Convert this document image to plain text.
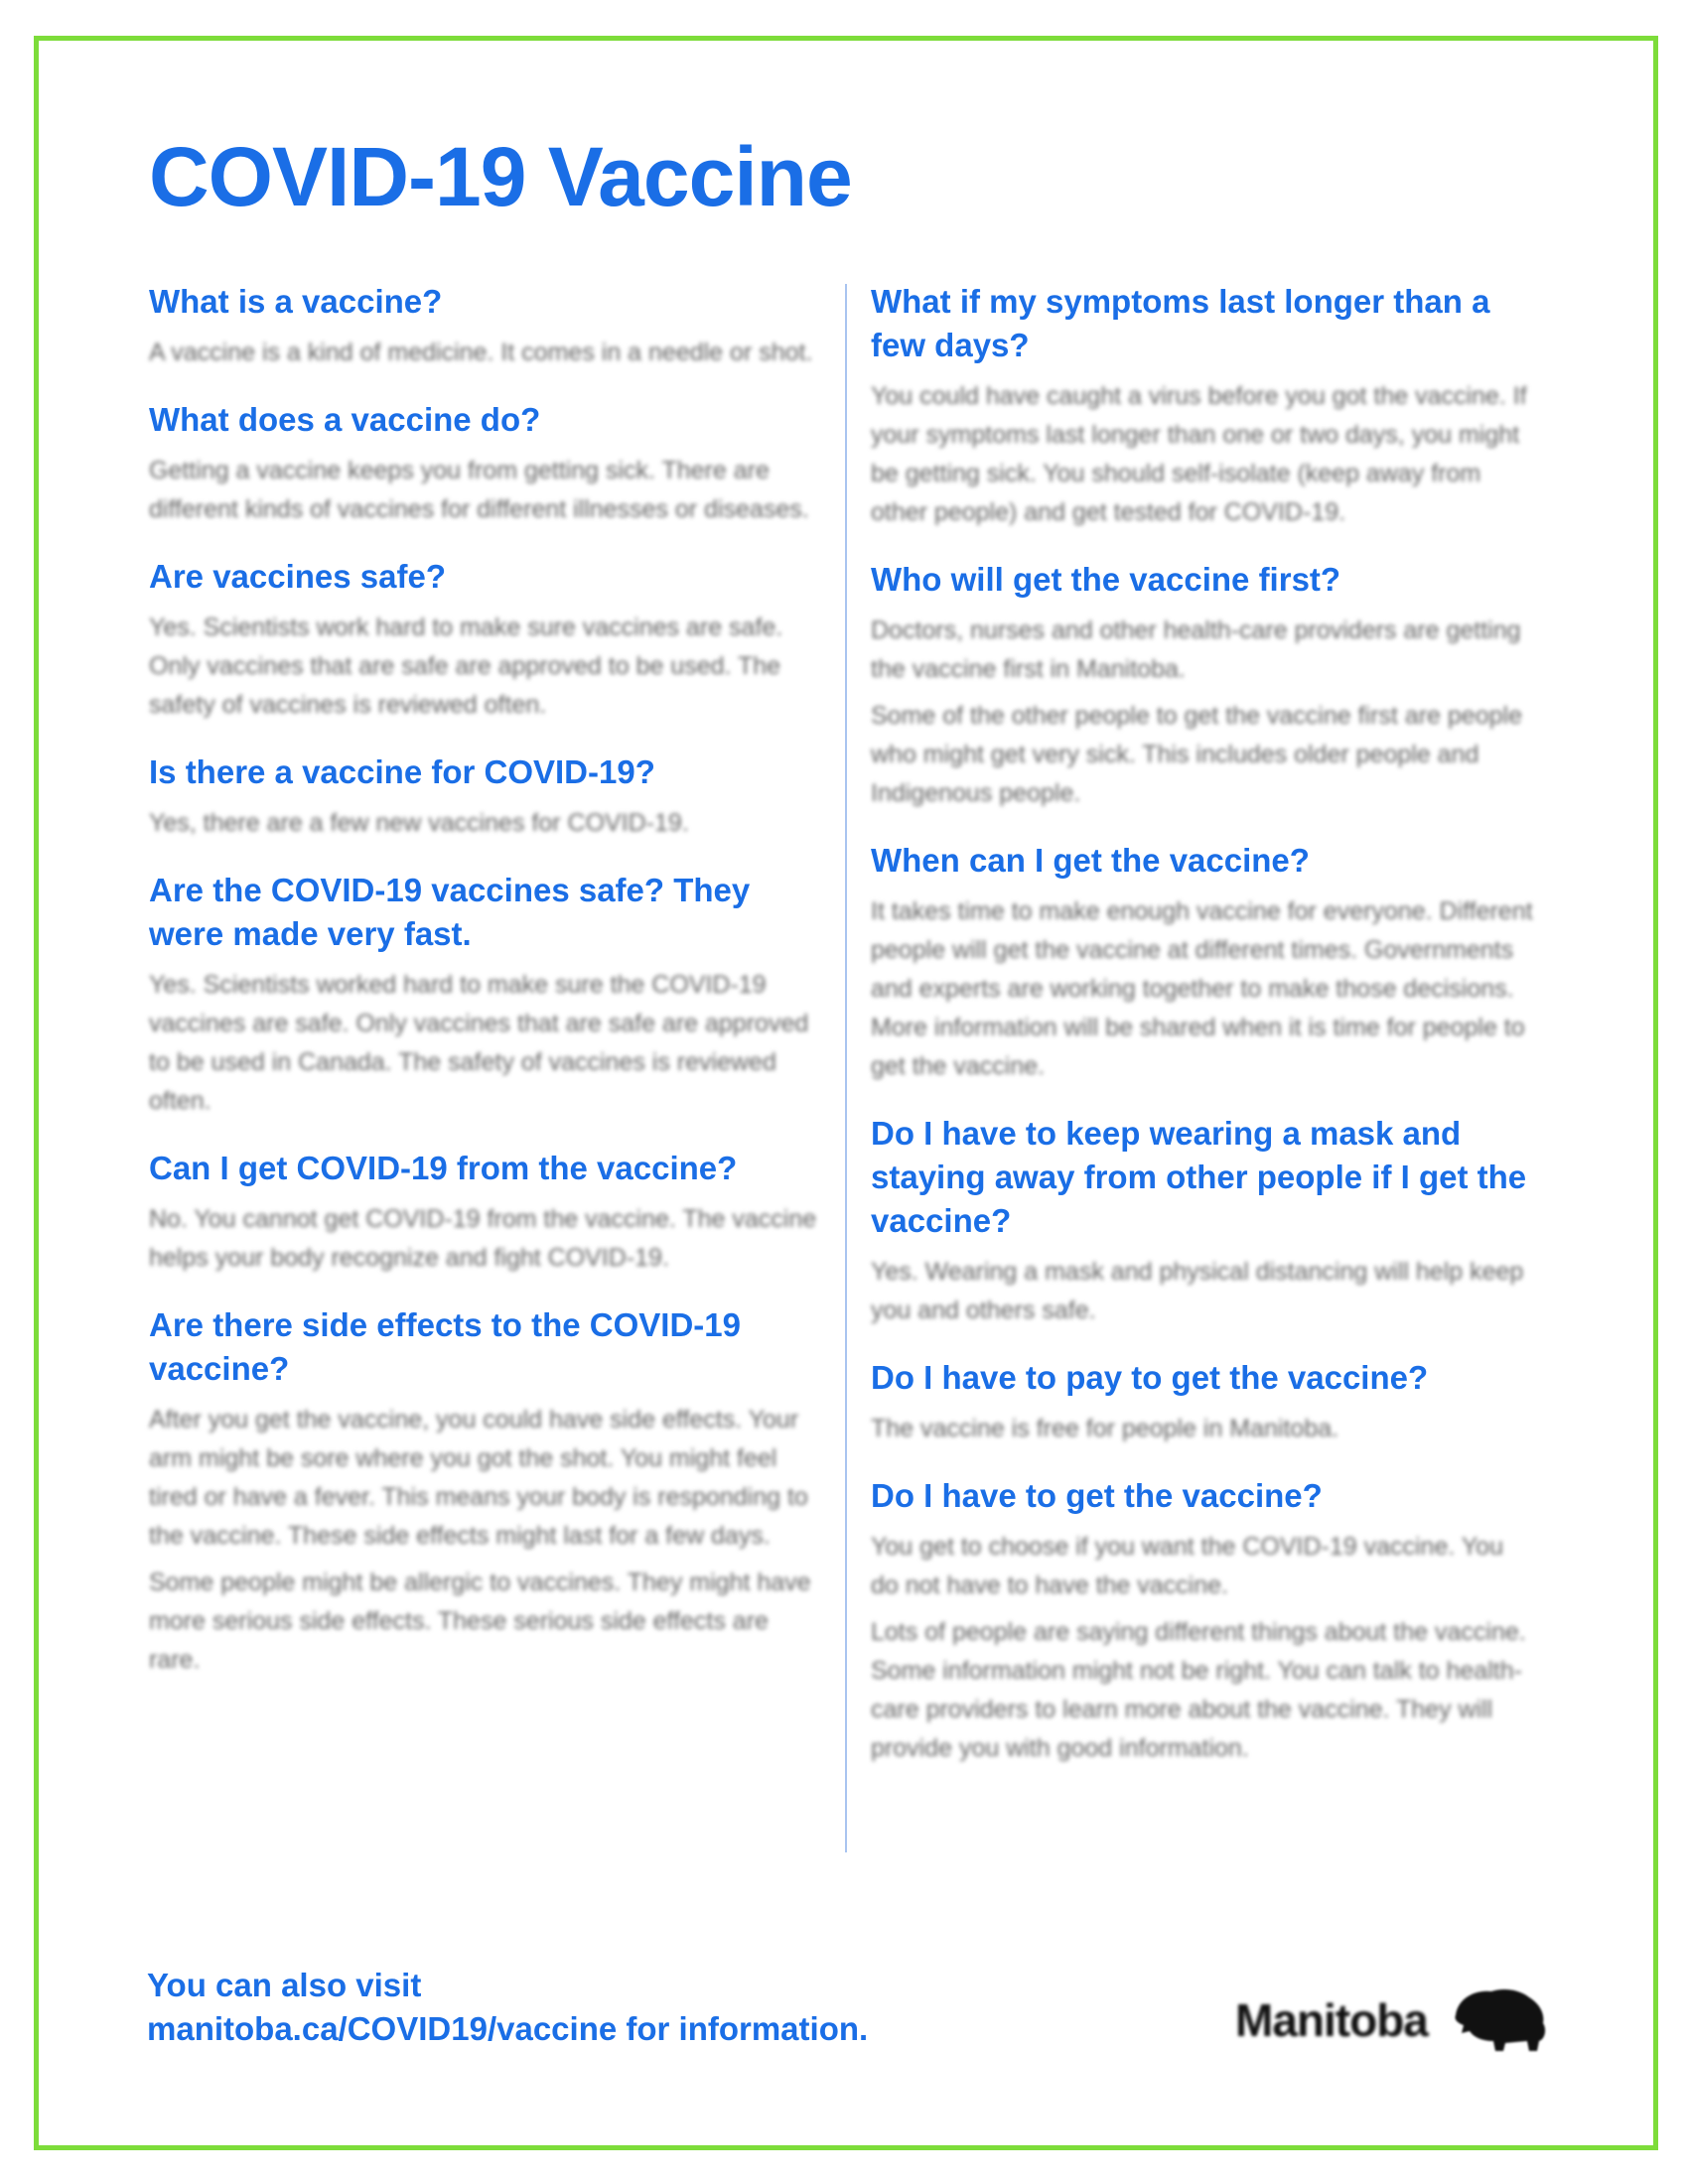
COVID-19 Vaccine
What is a vaccine?

A vaccine is a kind of medicine. It comes in a needle or shot.

What does a vaccine do?

Getting a vaccine keeps you from getting sick. There are different kinds of vaccines for different illnesses or diseases.

Are vaccines safe?

Yes. Scientists work hard to make sure vaccines are safe. Only vaccines that are safe are approved to be used. The safety of vaccines is reviewed often.

Is there a vaccine for COVID-19?

Yes, there are a few new vaccines for COVID-19.

Are the COVID-19 vaccines safe? They were made very fast.

Yes. Scientists worked hard to make sure the COVID-19 vaccines are safe. Only vaccines that are safe are approved to be used in Canada. The safety of vaccines is reviewed often.

Can I get COVID-19 from the vaccine?

No. You cannot get COVID-19 from the vaccine. The vaccine helps your body recognize and fight COVID-19.

Are there side effects to the COVID-19 vaccine?

After you get the vaccine, you could have side effects. Your arm might be sore where you got the shot. You might feel tired or have a fever. This means your body is responding to the vaccine. These side effects might last for a few days.

Some people might be allergic to vaccines. They might have more serious side effects. These serious side effects are rare.

What if my symptoms last longer than a few days?

You could have caught a virus before you got the vaccine. If your symptoms last longer than one or two days, you might be getting sick. You should self-isolate (keep away from other people) and get tested for COVID-19.

Who will get the vaccine first?

Doctors, nurses and other health-care providers are getting the vaccine first in Manitoba.

Some of the other people to get the vaccine first are people who might get very sick. This includes older people and Indigenous people.

When can I get the vaccine?

It takes time to make enough vaccine for everyone. Different people will get the vaccine at different times. Governments and experts are working together to make those decisions. More information will be shared when it is time for people to get the vaccine.

Do I have to keep wearing a mask and staying away from other people if I get the vaccine?

Yes. Wearing a mask and physical distancing will help keep you and others safe.

Do I have to pay to get the vaccine?

The vaccine is free for people in Manitoba.

Do I have to get the vaccine?

You get to choose if you want the COVID-19 vaccine. You do not have to have the vaccine.

Lots of people are saying different things about the vaccine. Some information might not be right. You can talk to health-care providers to learn more about the vaccine. They will provide you with good information.

You can also visit
manitoba.ca/COVID19/vaccine for information.	Manitoba
